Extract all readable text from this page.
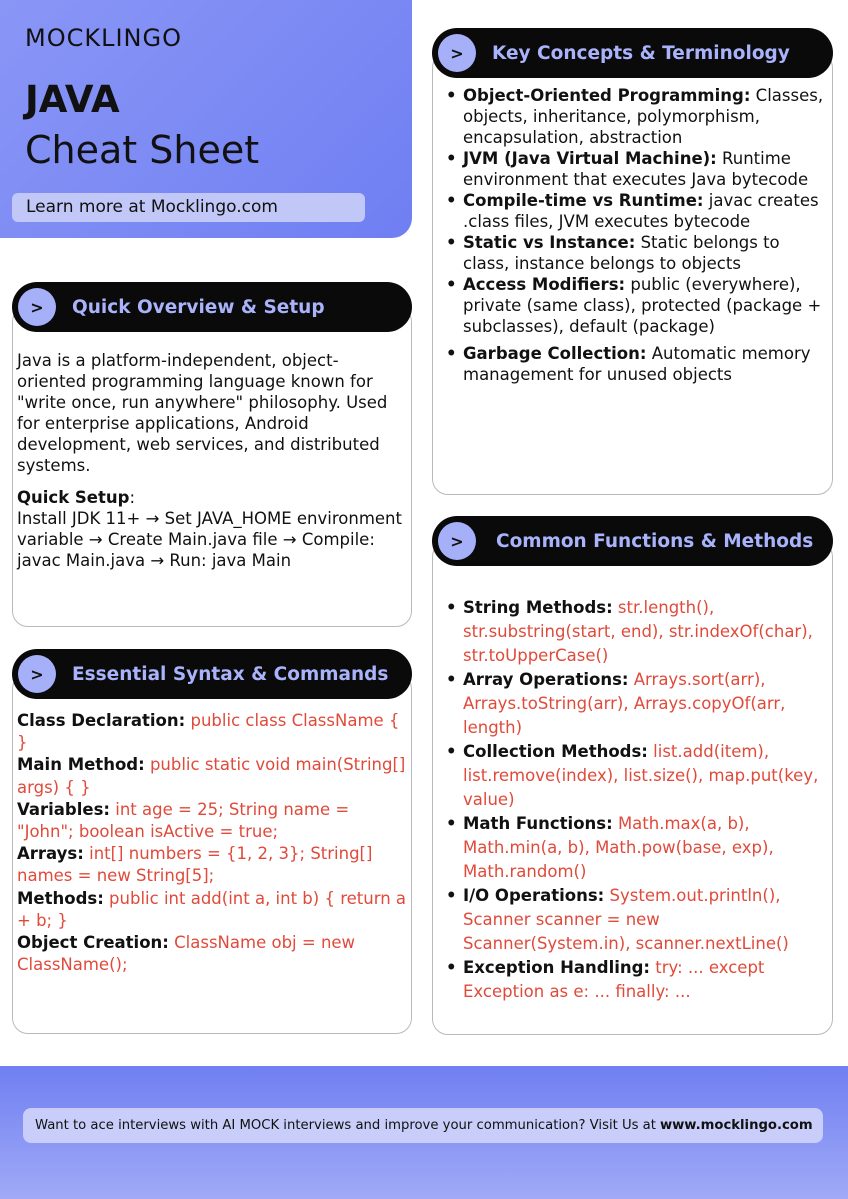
MOCKLINGO
JAVA
Cheat Sheet
Learn more at Mocklingo.com
>	Key Concepts & Terminology
• Object-Oriented Programming: Classes, objects, inheritance, polymorphism, encapsulation, abstraction
• JVM (Java Virtual Machine): Runtime environment that executes Java bytecode
• Compile-time vs Runtime: javac creates .class files, JVM executes bytecode
• Static vs Instance: Static belongs to class, instance belongs to objects
• Access Modifiers: public (everywhere), private (same class), protected (package + subclasses), default (package)
• Garbage Collection: Automatic memory management for unused objects
>	Quick Overview & Setup
Java is a platform-independent, object-oriented programming language known for "write once, run anywhere" philosophy. Used for enterprise applications, Android development, web services, and distributed systems.
Quick Setup:
Install JDK 11+ → Set JAVA_HOME environment variable → Create Main.java file → Compile: javac Main.java → Run: java Main
>	Essential Syntax & Commands
Class Declaration: public class ClassName { }
Main Method: public static void main(String[] args) { }
Variables: int age = 25; String name = "John"; boolean isActive = true;
Arrays: int[] numbers = {1, 2, 3}; String[] names = new String[5];
Methods: public int add(int a, int b) { return a + b; }
Object Creation: ClassName obj = new ClassName();
>	Common Functions & Methods
• String Methods: str.length(), str.substring(start, end), str.indexOf(char), str.toUpperCase()
• Array Operations: Arrays.sort(arr), Arrays.toString(arr), Arrays.copyOf(arr, length)
• Collection Methods: list.add(item), list.remove(index), list.size(), map.put(key, value)
• Math Functions: Math.max(a, b), Math.min(a, b), Math.pow(base, exp), Math.random()
• I/O Operations: System.out.println(), Scanner scanner = new Scanner(System.in), scanner.nextLine()
• Exception Handling: try: ... except Exception as e: ... finally: ...
Want to ace interviews with AI MOCK interviews and improve your communication? Visit Us at www.mocklingo.com
